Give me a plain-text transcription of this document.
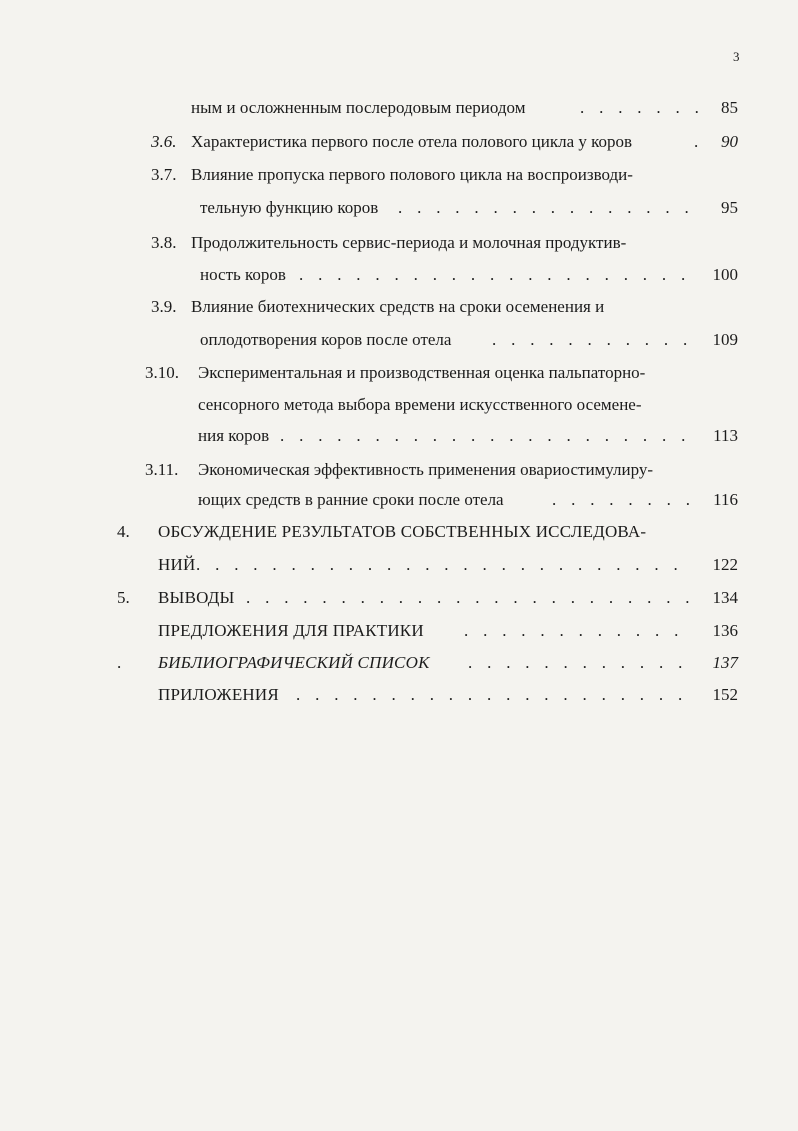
3
ным и осложненным послеродовым периодом . . .	85
3.6. Характеристика первого после отела полового цикла у коров . . .	90
3.7. Влияние пропуска первого полового цикла на воспроизводи-
тельную функцию коров . . .	95
3.8. Продолжительность сервис-периода и молочная продуктив-
ность коров . . .	100
3.9. Влияние биотехнических средств на сроки осеменения и
оплодотворения коров после отела . . .	109
3.10. Экспериментальная и производственная оценка пальпаторно-
сенсорного метода выбора времени искусственного осемене-
ния коров . . .	113
3.11. Экономическая эффективность применения овариостимулиру-
ющих средств в ранние сроки после отела . . .	116
4. ОБСУЖДЕНИЕ РЕЗУЛЬТАТОВ СОБСТВЕННЫХ ИССЛЕДОВА-
НИЙ . . .	122
5. ВЫВОДЫ . . .	134
ПРЕДЛОЖЕНИЯ ДЛЯ ПРАКТИКИ . . .	136
. БИБЛИОГРАФИЧЕСКИЙ СПИСОК . . .	137
ПРИЛОЖЕНИЯ . . .	152
